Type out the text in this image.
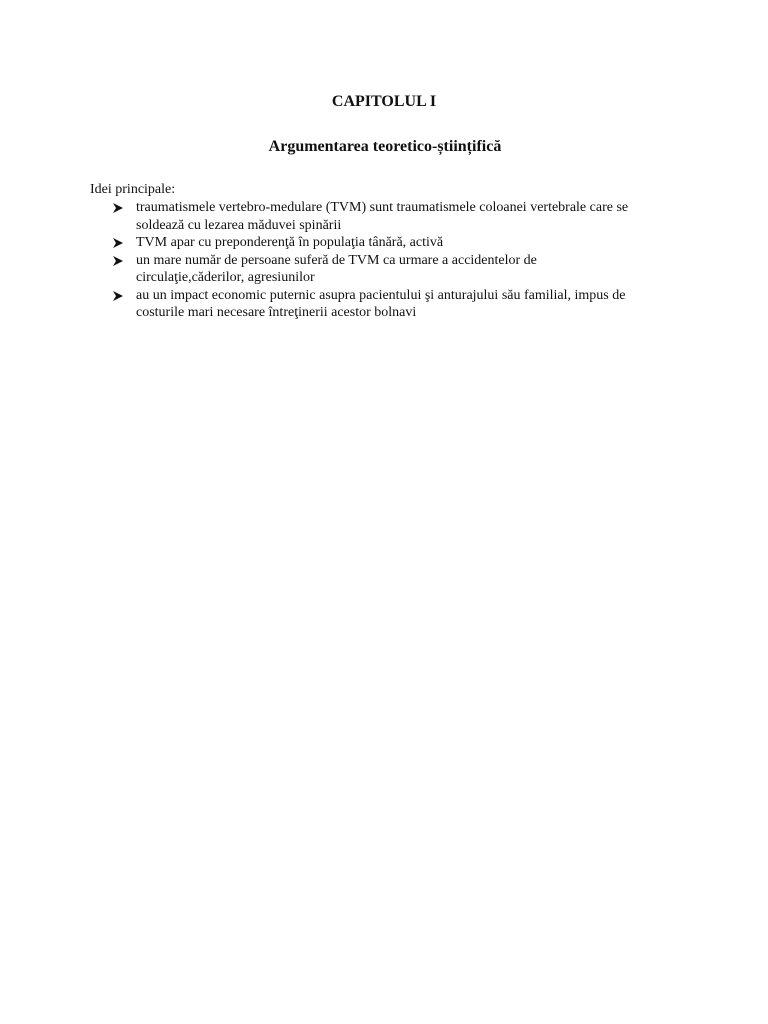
CAPITOLUL I
Argumentarea teoretico-științifică

Idei principale:

traumatismele vertebro-medulare (TVM) sunt traumatismele coloanei vertebrale care se
soldează cu lezarea măduvei spinării
TVM apar cu preponderenţă în populaţia tânără, activă
un mare număr de persoane suferă de TVM ca urmare a accidentelor de
circulaţie,căderilor, agresiunilor
au un impact economic puternic asupra pacientului şi anturajului său familial, impus de
costurile mari necesare întreţinerii acestor bolnavi
